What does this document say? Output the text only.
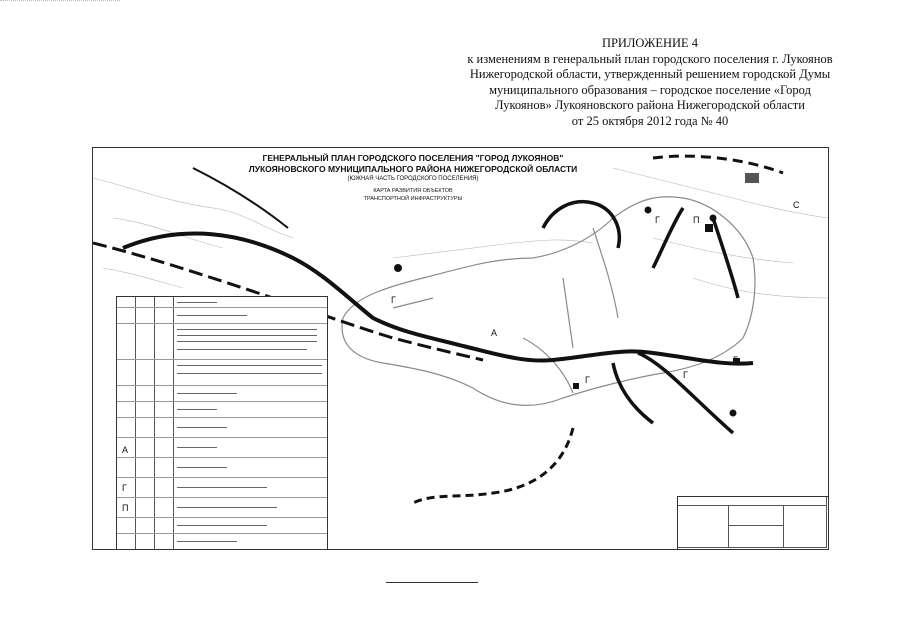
ПРИЛОЖЕНИЕ 4
к изменениям в генеральный план городского поселения г. Лукоянов
Нижегородской области, утвержденный решением городской Думы
муниципального образования – городское поселение «Город
Лукоянов» Лукояновского района Нижегородской области
от 25 октября 2012 года № 40
Г
Г
Г
Г
Г
П
А
С
ГЕНЕРАЛЬНЫЙ ПЛАН ГОРОДСКОГО ПОСЕЛЕНИЯ "ГОРОД ЛУКОЯНОВ"
ЛУКОЯНОВСКОГО МУНИЦИПАЛЬНОГО РАЙОНА НИЖЕГОРОДСКОЙ ОБЛАСТИ
(ЮЖНАЯ ЧАСТЬ ГОРОДСКОГО ПОСЕЛЕНИЯ)
КАРТА РАЗВИТИЯ ОБЪЕКТОВ
ТРАНСПОРТНОЙ ИНФРАСТРУКТУРЫ
А
Г
П
